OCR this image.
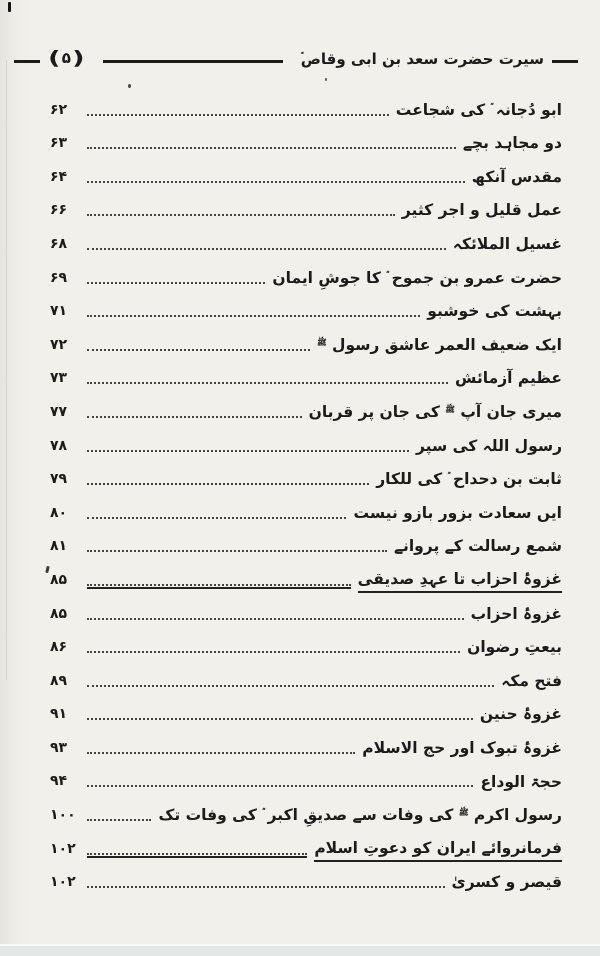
سیرت حضرت سعد بن ابی وقاص
( ۵ )
ابو دُجانہ  کی شجاعت
۶۲
دو مجاہد بچے
۶۳
مقدس آنکھ
۶۴
عمل قلیل و اجر کثیر
۶۶
غسیل الملائکہ
۶۸
حضرت عمرو بن جموح  کا جوشِ ایمان
۶۹
بہشت کی خوشبو
۷۱
ایک ضعیف العمر عاشق رسول ﷺ
۷۲
عظیم آزمائش
۷۳
میری جان آپ ﷺ کی جان پر قربان
۷۷
رسول اللہ کی سپر
۷۸
ثابت بن دحداح  کی للکار
۷۹
ایں سعادت بزور بازو نیست
۸۰
شمع رسالت کے پروانے
۸۱
غزوۂ احزاب تا عہدِ صدیقی
۸۵
غزوۂ احزاب
۸۵
بیعتِ رضوان
۸۶
فتح مکہ
۸۹
غزوۂ حنین
۹۱
غزوۂ تبوک اور حج الاسلام
۹۳
حجۃ الوداع
۹۴
رسول اکرم ﷺ کی وفات سے صدیقِ اکبر  کی وفات تک
۱۰۰
فرمانروائے ایران کو دعوتِ اسلام
۱۰۲
قیصر و کسریٰ
۱۰۲
